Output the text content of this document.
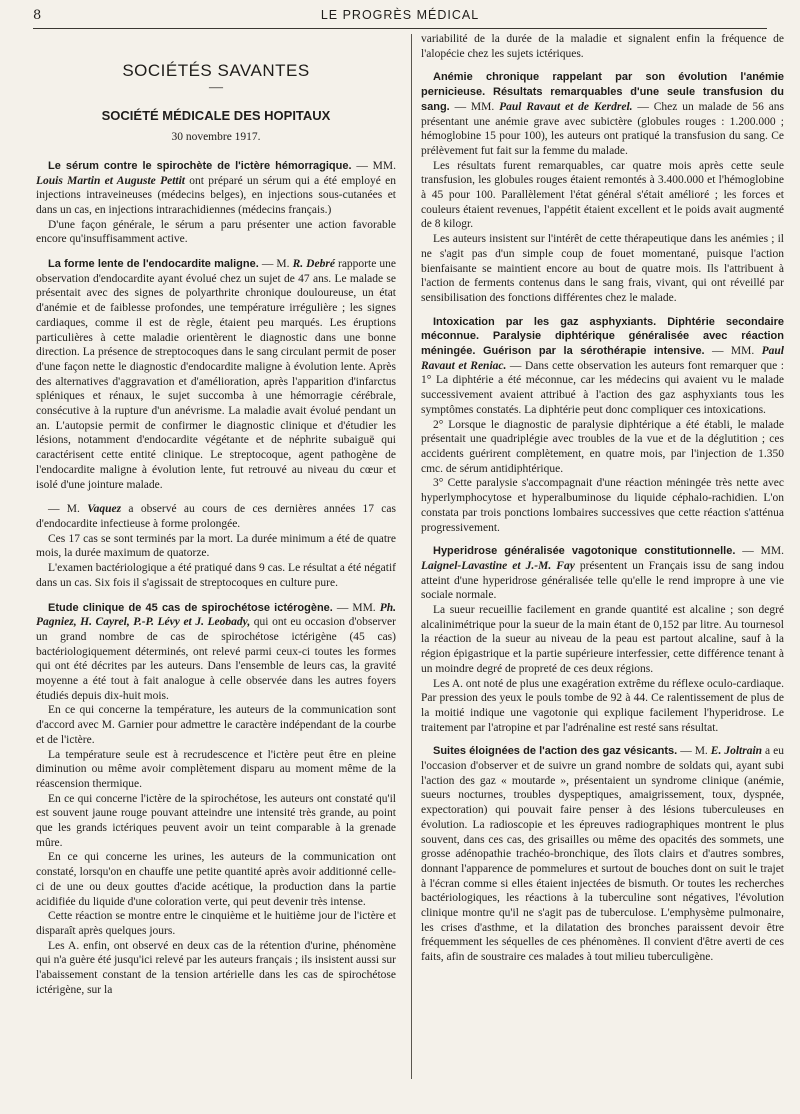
8	LE PROGRÈS MÉDICAL
SOCIÉTÉS SAVANTES
—
SOCIÉTÉ MÉDICALE DES HOPITAUX
30 novembre 1917.

Le sérum contre le spirochète de l'ictère hémorragique. — MM. Louis Martin et Auguste Pettit ont préparé un sérum qui a été employé en injections intraveineuses (médecins belges), en injections sous-cutanées et dans un cas, en injections intrarachidiennes (médecins français.)

D'une façon générale, le sérum a paru présenter une action favorable encore qu'insuffisamment active.

La forme lente de l'endocardite maligne. — M. R. Debré rapporte une observation d'endocardite ayant évolué chez un sujet de 47 ans. Le malade se présentait avec des signes de polyarthrite chronique douloureuse, un état d'anémie et de faiblesse profondes, une température irrégulière ; les signes cardiaques, comme il est de règle, étaient peu marqués. Les éruptions particulières à cette maladie orientèrent le diagnostic dans une bonne direction. La présence de streptocoques dans le sang circulant permit de poser d'une façon nette le diagnostic d'endocardite maligne à évolution lente. Après des alternatives d'aggravation et d'amélioration, après l'apparition d'infarctus spléniques et rénaux, le sujet succomba à une hémorragie cérébrale, consécutive à la rupture d'un anévrisme. La maladie avait évolué pendant un an. L'autopsie permit de confirmer le diagnostic clinique et d'étudier les lésions, notamment d'endocardite végétante et de néphrite subaiguë qui caractérisent cette entité clinique. Le streptocoque, agent pathogène de l'endocardite maligne à évolution lente, fut retrouvé au niveau du cœur et isolé d'une jointure malade.

— M. Vaquez a observé au cours de ces dernières années 17 cas d'endocardite infectieuse à forme prolongée.

Ces 17 cas se sont terminés par la mort. La durée minimum a été de quatre mois, la durée maximum de quatorze.

L'examen bactériologique a été pratiqué dans 9 cas. Le résultat a été négatif dans un cas. Six fois il s'agissait de streptocoques en culture pure.

Etude clinique de 45 cas de spirochétose ictérogène. — MM. Ph. Pagniez, H. Cayrel, P.-P. Lévy et J. Leobady, qui ont eu occasion d'observer un grand nombre de cas de spirochétose ictérigène (45 cas) bactériologiquement déterminés, ont relevé parmi ceux-ci toutes les formes qui ont été décrites par les auteurs. Dans l'ensemble de leurs cas, la gravité moyenne a été tout à fait analogue à celle observée dans les autres foyers étudiés depuis dix-huit mois.

En ce qui concerne la température, les auteurs de la communication sont d'accord avec M. Garnier pour admettre le caractère indépendant de la courbe et de l'ictère.

La température seule est à recrudescence et l'ictère peut être en pleine diminution ou même avoir complètement disparu au moment même de la réascension thermique.

En ce qui concerne l'ictère de la spirochétose, les auteurs ont constaté qu'il est souvent jaune rouge pouvant atteindre une intensité très grande, au point que les grands ictériques peuvent avoir un teint comparable à la grenade mûre.

En ce qui concerne les urines, les auteurs de la communication ont constaté, lorsqu'on en chauffe une petite quantité après avoir additionné celle-ci de une ou deux gouttes d'acide acétique, la production dans la partie acidifiée du liquide d'une coloration verte, qui peut devenir très intense.

Cette réaction se montre entre le cinquième et le huitième jour de l'ictère et disparaît après quelques jours.

Les A. enfin, ont observé en deux cas de la rétention d'urine, phénomène qui n'a guère été jusqu'ici relevé par les auteurs français ; ils insistent aussi sur l'abaissement constant de la tension artérielle dans les cas de spirochétose ictérigène, sur la

variabilité de la durée de la maladie et signalent enfin la fréquence de l'alopécie chez les sujets ictériques.

Anémie chronique rappelant par son évolution l'anémie pernicieuse. Résultats remarquables d'une seule transfusion du sang. — MM. Paul Ravaut et de Kerdrel. — Chez un malade de 56 ans présentant une anémie grave avec subictère (globules rouges : 1.200.000 ; hémoglobine 15 pour 100), les auteurs ont pratiqué la transfusion du sang. Ce prélèvement fut fait sur la femme du malade.

Les résultats furent remarquables, car quatre mois après cette seule transfusion, les globules rouges étaient remontés à 3.400.000 et l'hémoglobine à 45 pour 100. Parallèlement l'état général s'était amélioré ; les forces et couleurs étaient revenues, l'appétit étaient excellent et le poids avait augmenté de 8 kilogr.

Les auteurs insistent sur l'intérêt de cette thérapeutique dans les anémies ; il ne s'agit pas d'un simple coup de fouet momentané, puisque l'action bienfaisante se maintient encore au bout de quatre mois. Ils l'attribuent à l'action de ferments contenus dans le sang frais, vivant, qui ont réveillé par sensibilisation des fonctions différentes chez le malade.

Intoxication par les gaz asphyxiants. Diphtérie secondaire méconnue. Paralysie diphtérique généralisée avec réaction méningée. Guérison par la sérothérapie intensive. — MM. Paul Ravaut et Reniac. — Dans cette observation les auteurs font remarquer que : 1° La diphtérie a été méconnue, car les médecins qui avaient vu le malade successivement avaient attribué à l'action des gaz asphyxiants tous les symptômes constatés. La diphtérie peut donc compliquer ces intoxications.

2° Lorsque le diagnostic de paralysie diphtérique a été établi, le malade présentait une quadriplégie avec troubles de la vue et de la déglutition ; ces accidents guérirent complètement, en quatre mois, par l'injection de 1.350 cmc. de sérum antidiphtérique.

3° Cette paralysie s'accompagnait d'une réaction méningée très nette avec hyperlymphocytose et hyperalbuminose du liquide céphalo-rachidien. L'on constata par trois ponctions lombaires successives que cette réaction s'atténua progressivement.

Hyperidrose généralisée vagotonique constitutionnelle. — MM. Laignel-Lavastine et J.-M. Fay présentent un Français issu de sang indou atteint d'une hyperidrose généralisée telle qu'elle le rend impropre à une vie sociale normale.

La sueur recueillie facilement en grande quantité est alcaline ; son degré alcalinimétrique pour la sueur de la main étant de 0,152 par litre. Au tournesol la réaction de la sueur au niveau de la peau est partout alcaline, sauf à la région épigastrique et la partie supérieure interfessier, cette différence tenant à un moindre degré de propreté de ces deux régions.

Les A. ont noté de plus une exagération extrême du réflexe oculo-cardiaque. Par pression des yeux le pouls tombe de 92 à 44. Ce ralentissement de plus de la moitié indique une vagotonie qui explique facilement l'hyperidrose. Le traitement par l'atropine et par l'adrénaline est resté sans résultat.

Suites éloignées de l'action des gaz vésicants. — M. E. Joltrain a eu l'occasion d'observer et de suivre un grand nombre de soldats qui, ayant subi l'action des gaz « moutarde », présentaient un syndrome clinique (anémie, sueurs nocturnes, troubles dyspeptiques, amaigrissement, toux, dyspnée, expectoration) qui pouvait faire penser à des lésions tuberculeuses en évolution. La radioscopie et les épreuves radiographiques montrent le plus souvent, dans ces cas, des grisailles ou même des opacités des sommets, une grosse adénopathie trachéo-bronchique, des îlots clairs et d'autres sombres, donnant l'apparence de pommelures et surtout de bouches dont on suit le trajet à l'écran comme si elles étaient injectées de bismuth. Or toutes les recherches bactériologiques, les réactions à la tuberculine sont négatives, l'évolution clinique montre qu'il ne s'agit pas de tuberculose. L'emphysème pulmonaire, les crises d'asthme, et la dilatation des bronches paraissent devoir être fréquemment les séquelles de ces phénomènes. Il convient d'être averti de ces faits, afin de soustraire ces malades à tout milieu tuberculigène.
